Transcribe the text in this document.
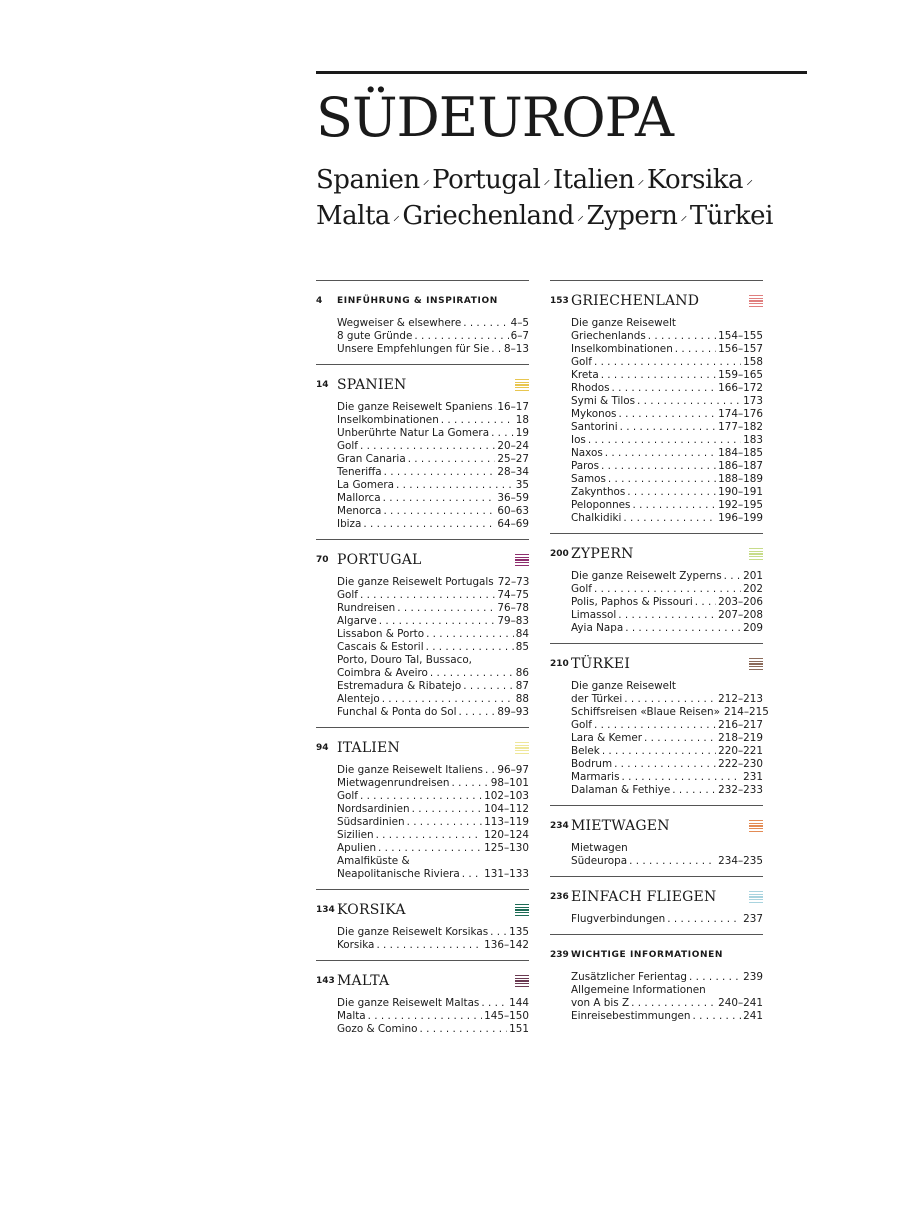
SÜDEUROPA

Spanien ⸝ Portugal ⸝ Italien ⸝ Korsika ⸝
Malta ⸝ Griechenland ⸝ Zypern ⸝ Türkei

4	EINFÜHRUNG & INSPIRATION
Wegweiser & elsewhere . . .	4–5
8 gute Gründe . . .	6–7
Unsere Empfehlungen für Sie . . . 8–13
14 SPANIEN
Die ganze Reisewelt Spaniens . . . 16–17
Inselkombinationen . . .	18
Unberührte Natur La Gomera . . .	19
Golf . . .	20–24
Gran Canaria . . .	25–27
Teneriffa . . .	28–34
La Gomera . . .	35
Mallorca . . .	36–59
Menorca . . .	60–63
Ibiza . . .	64–69
70 PORTUGAL
Die ganze Reisewelt Portugals 72–73
Golf . . .	74–75
Rundreisen . . .	76–78
Algarve . . .	79–83
Lissabon & Porto . . .	84
Cascais & Estoril . . .	85
Porto, Douro Tal, Bussaco,
Coimbra & Aveiro . . .	86
Estremadura & Ribatejo . . .	87
Alentejo . . .	88
Funchal & Ponta do Sol . . .	89–93
94 ITALIEN
Die ganze Reisewelt Italiens . . . 96–97
Mietwagenrundreisen . . .	98–101
Golf . . .	102–103
Nordsardinien . . .	104–112
Südsardinien . . .	113–119
Sizilien . . .	120–124
Apulien . . .	125–130
Amalfiküste &
Neapolitanische Riviera . . . 131–133
134 KORSIKA
Die ganze Reisewelt Korsikas . . . 135
Korsika . . .	136–142
143 MALTA
Die ganze Reisewelt Maltas . . .	144
Malta . . .	145–150
Gozo & Comino . . .	151
153 GRIECHENLAND
Die ganze Reisewelt
Griechenlands . . .	154–155
Inselkombinationen . . .	156–157
Golf . . .	158
Kreta . . .	159–165
Rhodos . . .	166–172
Symi & Tilos . . .	173
Mykonos . . .	174–176
Santorini . . .	177–182
Ios . . .	183
Naxos . . .	184–185
Paros . . .	186–187
Samos . . .	188–189
Zakynthos . . .	190–191
Peloponnes . . .	192–195
Chalkidiki . . .	196–199
200 ZYPERN
Die ganze Reisewelt Zyperns . . . 201
Golf . . .	202
Polis, Paphos & Pissouri . . . 203–206
Limassol . . .	207–208
Ayia Napa . . .	209
210 TÜRKEI
Die ganze Reisewelt
der Türkei . . .	212–213
Schiffsreisen «Blaue Reisen» 214–215
Golf . . .	216–217
Lara & Kemer . . .	218–219
Belek . . .	220–221
Bodrum . . .	222–230
Marmaris . . .	231
Dalaman & Fethiye . . .	232–233
234 MIETWAGEN
Mietwagen
Südeuropa . . .	234–235
236 EINFACH FLIEGEN
Flugverbindungen . . .	237
239 WICHTIGE INFORMATIONEN
Zusätzlicher Ferientag . . .	239
Allgemeine Informationen
von A bis Z . . .	240–241
Einreisebestimmungen . . .	241
